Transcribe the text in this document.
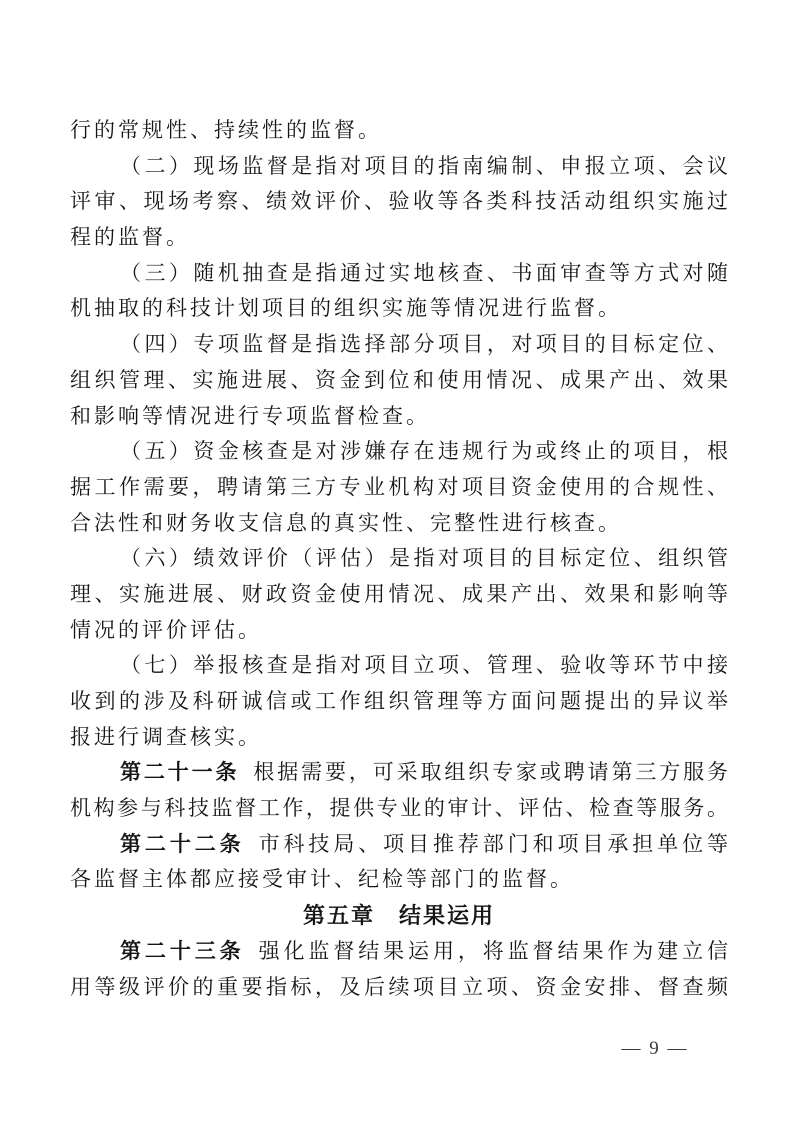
行的常规性、持续性的监督。
（二）现场监督是指对项目的指南编制、申报立项、会议
评审、现场考察、绩效评价、验收等各类科技活动组织实施过
程的监督。
（三）随机抽查是指通过实地核查、书面审查等方式对随
机抽取的科技计划项目的组织实施等情况进行监督。
（四）专项监督是指选择部分项目，对项目的目标定位、
组织管理、实施进展、资金到位和使用情况、成果产出、效果
和影响等情况进行专项监督检查。
（五）资金核查是对涉嫌存在违规行为或终止的项目，根
据工作需要，聘请第三方专业机构对项目资金使用的合规性、
合法性和财务收支信息的真实性、完整性进行核查。
（六）绩效评价（评估）是指对项目的目标定位、组织管
理、实施进展、财政资金使用情况、成果产出、效果和影响等
情况的评价评估。
（七）举报核查是指对项目立项、管理、验收等环节中接
收到的涉及科研诚信或工作组织管理等方面问题提出的异议举
报进行调查核实。
第二十一条 根据需要，可采取组织专家或聘请第三方服务
机构参与科技监督工作，提供专业的审计、评估、检查等服务。
第二十二条 市科技局、项目推荐部门和项目承担单位等
各监督主体都应接受审计、纪检等部门的监督。
第五章　结果运用
第二十三条 强化监督结果运用，将监督结果作为建立信
用等级评价的重要指标，及后续项目立项、资金安排、督查频
— 9 —
